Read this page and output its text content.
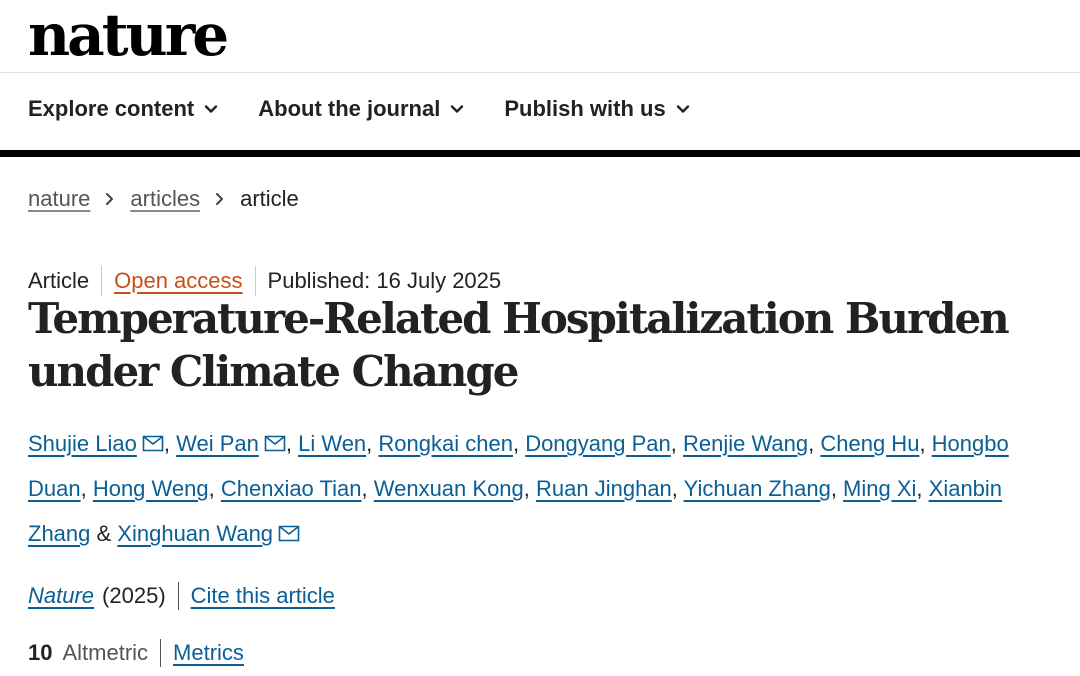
nature
Explore content	About the journal	Publish with us
nature articles article
Article Open access Published: 16 July 2025
Temperature-Related Hospitalization Burden under Climate Change
Shujie Liao , Wei Pan , Li Wen, Rongkai chen, Dongyang Pan, Renjie Wang, Cheng Hu, Hongbo Duan, Hong Weng, Chenxiao Tian, Wenxuan Kong, Ruan Jinghan, Yichuan Zhang, Ming Xi, Xianbin Zhang & Xinghuan Wang
Nature (2025) Cite this article
10 Altmetric Metrics
